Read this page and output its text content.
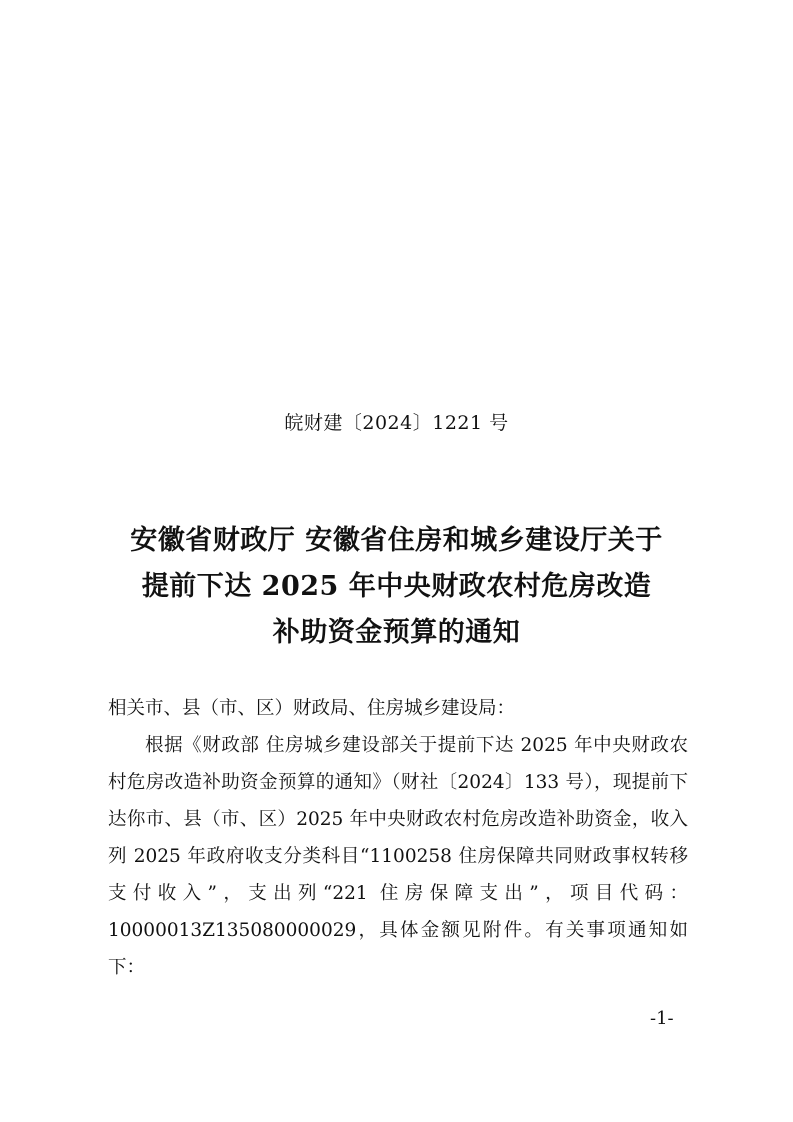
皖财建〔2024〕1221 号
安徽省财政厅 安徽省住房和城乡建设厅关于
提前下达 2025 年中央财政农村危房改造
补助资金预算的通知
相关市、县（市、区）财政局、住房城乡建设局：

根据《财政部 住房城乡建设部关于提前下达 2025 年中央财政农村危房改造补助资金预算的通知》（财社〔2024〕133 号），现提前下达你市、县（市、区）2025 年中央财政农村危房改造补助资金，收入列 2025 年政府收支分类科目“1100258 住房保障共同财政事权转移支付收入”，支出列“221 住房保障支出”，项目代码：10000013Z135080000029，具体金额见附件。有关事项通知如下：

-1-
